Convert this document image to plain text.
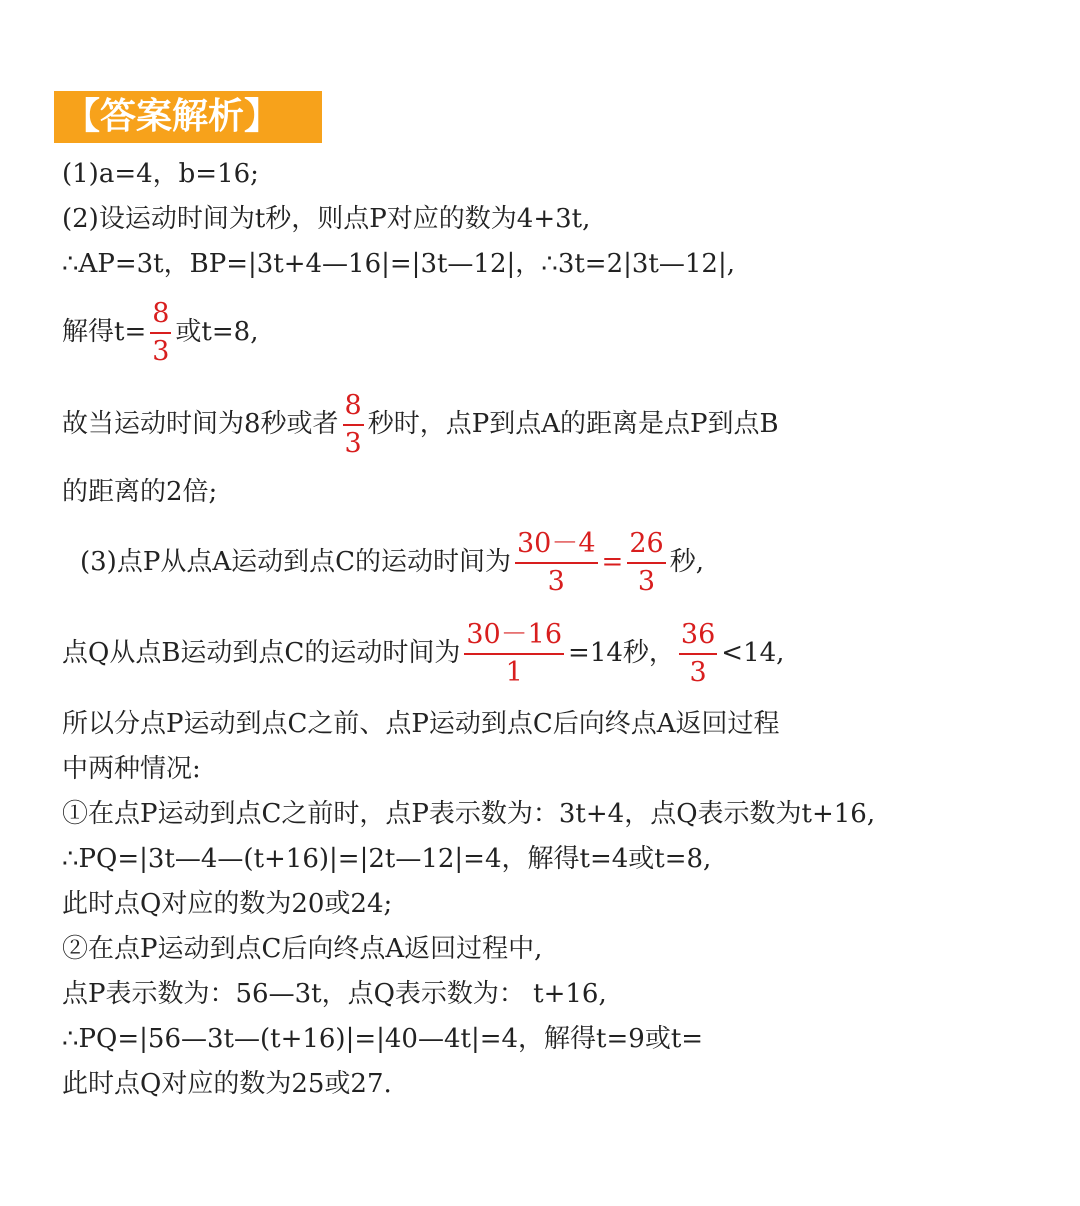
【答案解析】
(1)a=4，b=16;
(2)设运动时间为t秒，则点P对应的数为4+3t,
∴AP=3t，BP=|3t+4—16|=|3t—12|，∴3t=2|3t—12|,
解得$t= \frac{8}{3}$ 或t=8,
故当运动时间为8秒或者 $\frac{8}{3}$ 秒时，点P到点A的距离是点P到点B
的距离的2倍;
(3)点P从点A运动到点C的运动时间为 $\frac{30-4}{3} = \frac{26}{3}$ 秒,
点Q从点B运动到点C的运动时间为 $\frac{30-16}{1} =14$秒， $\frac{36}{3} <14$,
所以分点P运动到点C之前、点P运动到点C后向终点A返回过程
中两种情况:
①在点P运动到点C之前时，点P表示数为：3t+4，点Q表示数为t+16,
∴PQ=|3t—4—(t+16)|=|2t—12|=4，解得t=4或t=8,
此时点Q对应的数为20或24;
②在点P运动到点C后向终点A返回过程中,
点P表示数为：56—3t，点Q表示数为： t+16,
∴PQ=|56—3t—(t+16)|=|40—4t|=4，解得t=9或t=
此时点Q对应的数为25或27.
